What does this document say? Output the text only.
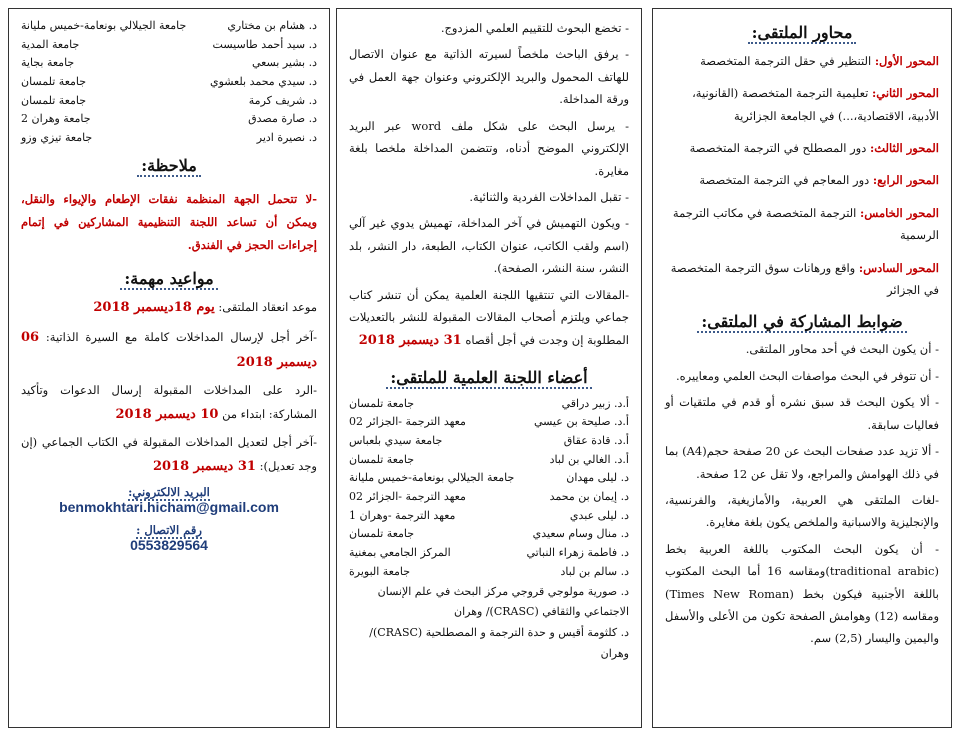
محاور الملتقى:
المحور الأول: التنظير في حقل الترجمة المتخصصة
المحور الثاني: تعليمية الترجمة المتخصصة (القانونية، الأدبية، الاقتصادية،...) في الجامعة الجزائرية
المحور الثالث: دور المصطلح في الترجمة المتخصصة
المحور الرابع: دور المعاجم في الترجمة المتخصصة
المحور الخامس: الترجمة المتخصصة في مكاتب الترجمة الرسمية
المحور السادس: واقع ورهانات سوق الترجمة المتخصصة في الجزائر
ضوابط المشاركة في الملتقى:

- أن يكون البحث في أحد محاور الملتقى.

- أن تتوفر في البحث مواصفات البحث العلمي ومعاييره.

- ألا يكون البحث قد سبق نشره أو قدم في ملتقيات أو فعاليات سابقة.

- ألا تزيد عدد صفحات البحث عن 20 صفحة حجم(A4) بما في ذلك الهوامش والمراجع، ولا تقل عن 12 صفحة.

-لغات الملتقى هي العربية، والأمازيغية، والفرنسية، والإنجليزية والاسبانية والملخص يكون بلغة مغايرة.

- أن يكون البحث المكتوب باللغة العربية بخط (traditional arabic)ومقاسه 16 أما البحث المكتوب باللغة الأجنبية فيكون بخط (Times New Roman) ومقاسه (12) وهوامش الصفحة تكون من الأعلى والأسفل واليمين واليسار (2,5) سم.

- تخضع البحوث للتقييم العلمي المزدوج.

- يرفق الباحث ملخصاً لسيرته الذاتية مع عنوان الاتصال للهاتف المحمول والبريد الإلكتروني وعنوان جهة العمل في ورقة المداخلة.

- يرسل البحث على شكل ملف word عبر البريد الإلكتروني الموضح أدناه، وتتضمن المداخلة ملخصا بلغة مغايرة.

- تقبل المداخلات الفردية والثنائية.

- ويكون التهميش في آخر المداخلة، تهميش يدوي غير آلي (اسم ولقب الكاتب، عنوان الكتاب، الطبعة، دار النشر، بلد النشر، سنة النشر، الصفحة).

-المقالات التي تنتقيها اللجنة العلمية يمكن أن تنشر كتاب جماعي ويلتزم أصحاب المقالات المقبولة للنشر بالتعديلات المطلوبة إن وجدت في أجل أقصاه 31 ديسمبر 2018

أعضاء اللجنة العلمية للملتقى:
أ.د. زبير دراقي
جامعة تلمسان
أ.د. صليحة بن عيسي
معهد الترجمة -الجزائر 02
أ.د. قادة عقاق
جامعة سيدي بلعباس
أ.د. الغالي بن لباد
جامعة تلمسان
د. ليلى مهدان
جامعة الجيلالي بونعامة-خميس مليانة
د. إيمان بن محمد
معهد الترجمة -الجزائر 02
د. ليلى عبدي
معهد الترجمة -وهران 1
د. منال وسام سعيدي
جامعة تلمسان
د. فاطمة زهراء النباتي
المركز الجامعي بمغنية
د. سالم بن لباد
جامعة البويرة
د. صورية مولوجي قروجي مركز البحث في علم الإنسان الاجتماعي والثقافي (CRASC)/ وهران
د. كلثومة أقيس و حدة الترجمة و المصطلحية (CRASC)/ وهران
د. هشام بن مختاري
جامعة الجيلالي بونعامة-خميس مليانة
د. سيد أحمد طاسيست
جامعة المدية
د. بشير بسعي
جامعة بجاية
د. سيدي محمد بلعشوي
جامعة تلمسان
د. شريف كرمة
جامعة تلمسان
د. صارة مصدق
جامعة وهران 2
د. نصيرة ادير
جامعة تيزي وزو
ملاحظة:

-لا تتحمل الجهة المنظمة نفقات الإطعام والإيواء والنقل، ويمكن أن تساعد اللجنة التنظيمية المشاركين في إتمام إجراءات الحجز في الفندق.

مواعيد مهمة:

موعد انعقاد الملتقى: يوم 18ديسمبر 2018

-آخر أجل لإرسال المداخلات كاملة مع السيرة الذاتية: 06 ديسمبر 2018

-الرد على المداخلات المقبولة إرسال الدعوات وتأكيد المشاركة: ابتداء من 10 ديسمبر 2018

-آخر أجل لتعديل المداخلات المقبولة في الكتاب الجماعي (إن وجد تعديل): 31 ديسمبر 2018

البريد الالكتروني:
benmokhtari.hicham@gmail.com
رقم الاتصال :
0553829564
